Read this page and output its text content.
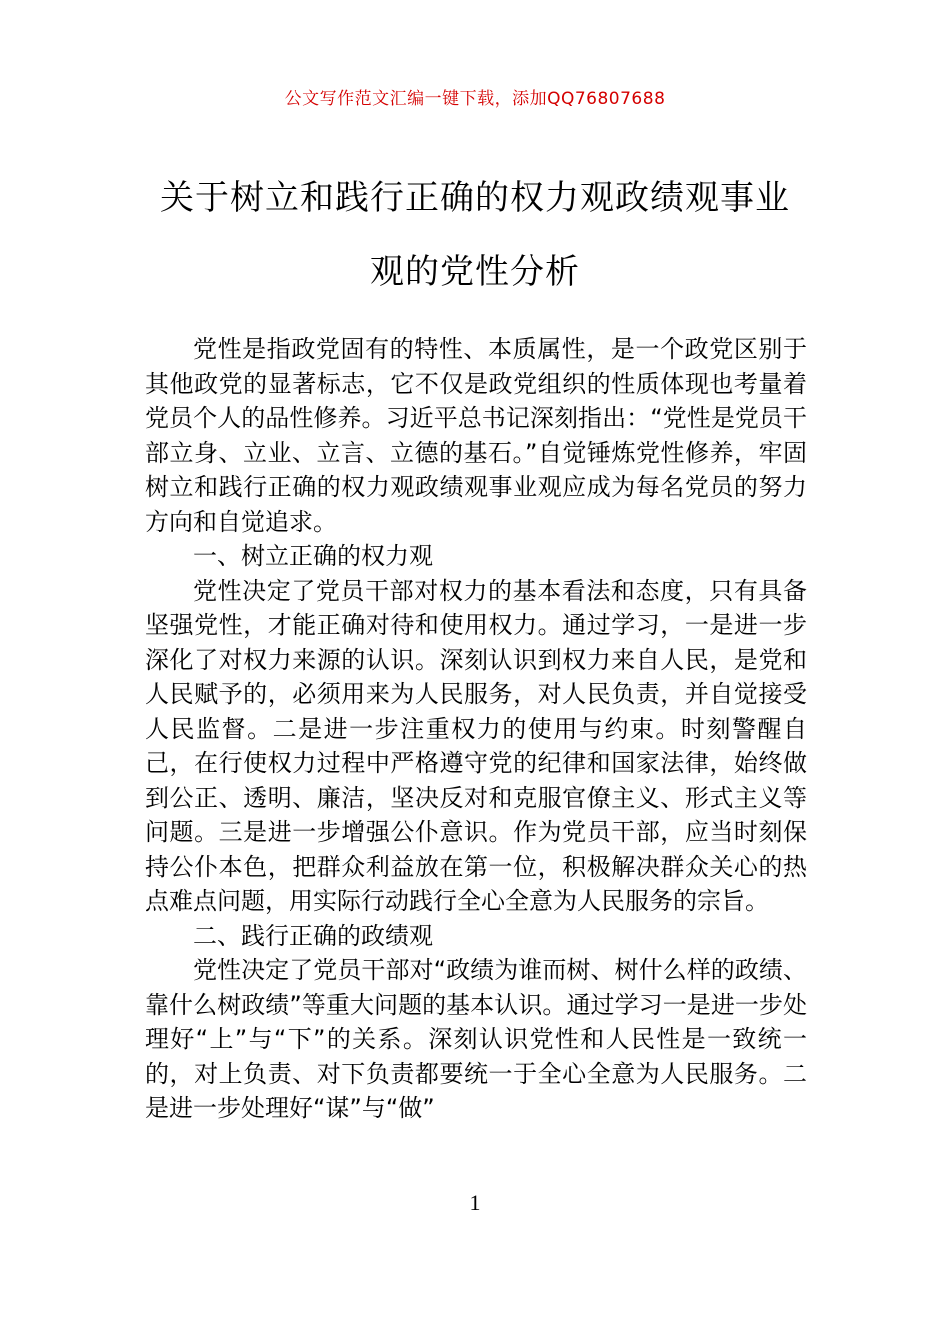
公文写作范文汇编一键下载，添加QQ76807688
关于树立和践行正确的权力观政绩观事业
观的党性分析

党性是指政党固有的特性、本质属性，是一个政党区别于其他政党的显著标志，它不仅是政党组织的性质体现也考量着党员个人的品性修养。习近平总书记深刻指出：“党性是党员干部立身、立业、立言、立德的基石。”自觉锤炼党性修养，牢固树立和践行正确的权力观政绩观事业观应成为每名党员的努力方向和自觉追求。

一、树立正确的权力观

党性决定了党员干部对权力的基本看法和态度，只有具备坚强党性，才能正确对待和使用权力。通过学习，一是进一步深化了对权力来源的认识。深刻认识到权力来自人民，是党和人民赋予的，必须用来为人民服务，对人民负责，并自觉接受人民监督。二是进一步注重权力的使用与约束。时刻警醒自己，在行使权力过程中严格遵守党的纪律和国家法律，始终做到公正、透明、廉洁，坚决反对和克服官僚主义、形式主义等问题。三是进一步增强公仆意识。作为党员干部，应当时刻保持公仆本色，把群众利益放在第一位，积极解决群众关心的热点难点问题，用实际行动践行全心全意为人民服务的宗旨。

二、践行正确的政绩观

党性决定了党员干部对“政绩为谁而树、树什么样的政绩、靠什么树政绩”等重大问题的基本认识。通过学习一是进一步处理好“上”与“下”的关系。深刻认识党性和人民性是一致统一的，对上负责、对下负责都要统一于全心全意为人民服务。二是进一步处理好“谋”与“做”

1
